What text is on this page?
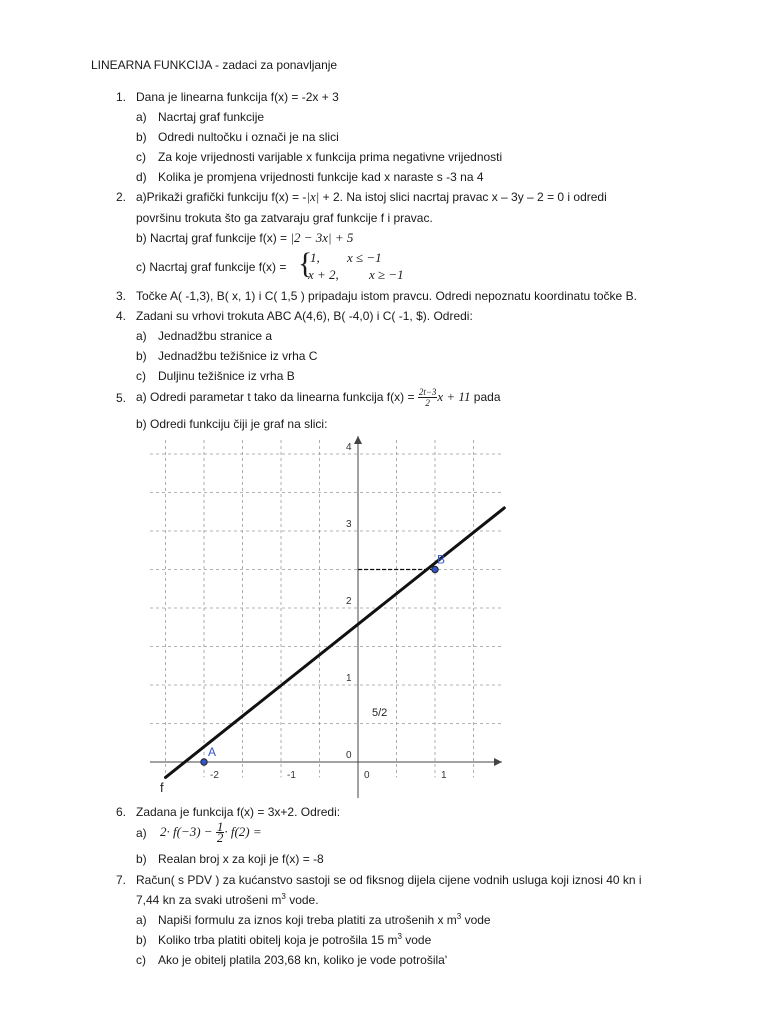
LINEARNA FUNKCIJA - zadaci za ponavljanje
1. Dana je linearna funkcija f(x) = -2x + 3
a) Nacrtaj graf funkcije
b) Odredi nultočku i označi je na slici
c) Za koje vrijednosti varijable x funkcija prima negativne vrijednosti
d) Kolika je promjena vrijednosti funkcije kad x naraste s -3 na 4
2. a)Prikaži grafički funkciju f(x) = -|x| + 2. Na istoj slici nacrtaj pravac x – 3y – 2 = 0 i odredi
površinu trokuta što ga zatvaraju graf funkcije f i pravac.
b) Nacrtaj graf funkcije f(x) = |2 − 3x| + 5
c) Nacrtaj graf funkcije f(x) = {
1, x ≤ −1
x + 2, x ≥ −1
3. Točke A( -1,3), B( x, 1) i C( 1,5 ) pripadaju istom pravcu. Odredi nepoznatu koordinatu točke B.
4. Zadani su vrhovi trokuta ABC A(4,6), B( -4,0) i C( -1, $). Odredi:
a) Jednadžbu stranice a
b) Jednadžbu težišnice iz vrha C
c) Duljinu težišnice iz vrha B
5. a) Odredi parametar t tako da linearna funkcija $f(x) = \frac{2t-3}{2}$ x + 11 pada
b) Odredi funkciju čiji je graf na slici:
-2	-1	0	1
0
1
2
3
4
A
B
5/2
f
6. Zadana je funkcija f(x) = 3x+2. Odredi:
a) $2\cdot f(-3) - \frac{1}{2} \cdot f(2)$ =
b) Realan broj x za koji je f(x) = -8
7. Račun( s PDV ) za kućanstvo sastoji se od fiksnog dijela cijene vodnih usluga koji iznosi 40 kn i
7,44 kn za svaki utrošeni $m^3$ vode.
a) Napiši formulu za iznos koji treba platiti za utrošenih x $m^3$ vode
b) Koliko trba platiti obitelj koja je potrošila 15 $m^3$ vode
c) Ako je obitelj platila 203,68 kn, koliko je vode potrošila'
